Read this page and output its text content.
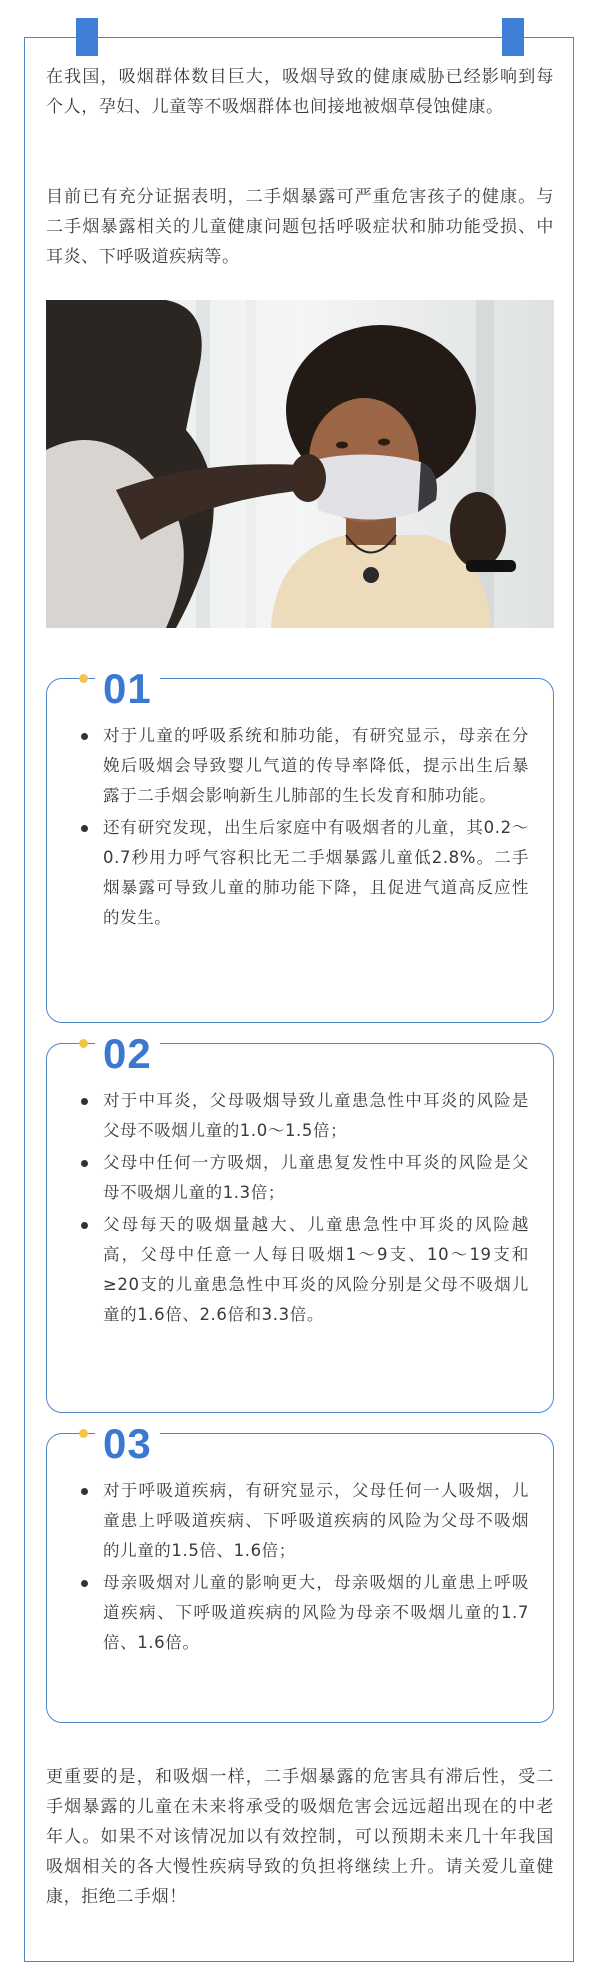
在我国，吸烟群体数目巨大，吸烟导致的健康威胁已经影响到每个人，孕妇、儿童等不吸烟群体也间接地被烟草侵蚀健康。

目前已有充分证据表明，二手烟暴露可严重危害孩子的健康。与二手烟暴露相关的儿童健康问题包括呼吸症状和肺功能受损、中耳炎、下呼吸道疾病等。

01
对于儿童的呼吸系统和肺功能，有研究显示，母亲在分娩后吸烟会导致婴儿气道的传导率降低，提示出生后暴露于二手烟会影响新生儿肺部的生长发育和肺功能。
还有研究发现，出生后家庭中有吸烟者的儿童，其0.2～0.7秒用力呼气容积比无二手烟暴露儿童低2.8%。二手烟暴露可导致儿童的肺功能下降，且促进气道高反应性的发生。
02
对于中耳炎，父母吸烟导致儿童患急性中耳炎的风险是父母不吸烟儿童的1.0～1.5倍；
父母中任何一方吸烟，儿童患复发性中耳炎的风险是父母不吸烟儿童的1.3倍；
父母每天的吸烟量越大、儿童患急性中耳炎的风险越高，父母中任意一人每日吸烟1～9支、10～19支和≥20支的儿童患急性中耳炎的风险分别是父母不吸烟儿童的1.6倍、2.6倍和3.3倍。
03
对于呼吸道疾病，有研究显示，父母任何一人吸烟，儿童患上呼吸道疾病、下呼吸道疾病的风险为父母不吸烟的儿童的1.5倍、1.6倍；
母亲吸烟对儿童的影响更大，母亲吸烟的儿童患上呼吸道疾病、下呼吸道疾病的风险为母亲不吸烟儿童的1.7倍、1.6倍。

更重要的是，和吸烟一样，二手烟暴露的危害具有滞后性，受二手烟暴露的儿童在未来将承受的吸烟危害会远远超出现在的中老年人。如果不对该情况加以有效控制，可以预期未来几十年我国吸烟相关的各大慢性疾病导致的负担将继续上升。请关爱儿童健康，拒绝二手烟！
